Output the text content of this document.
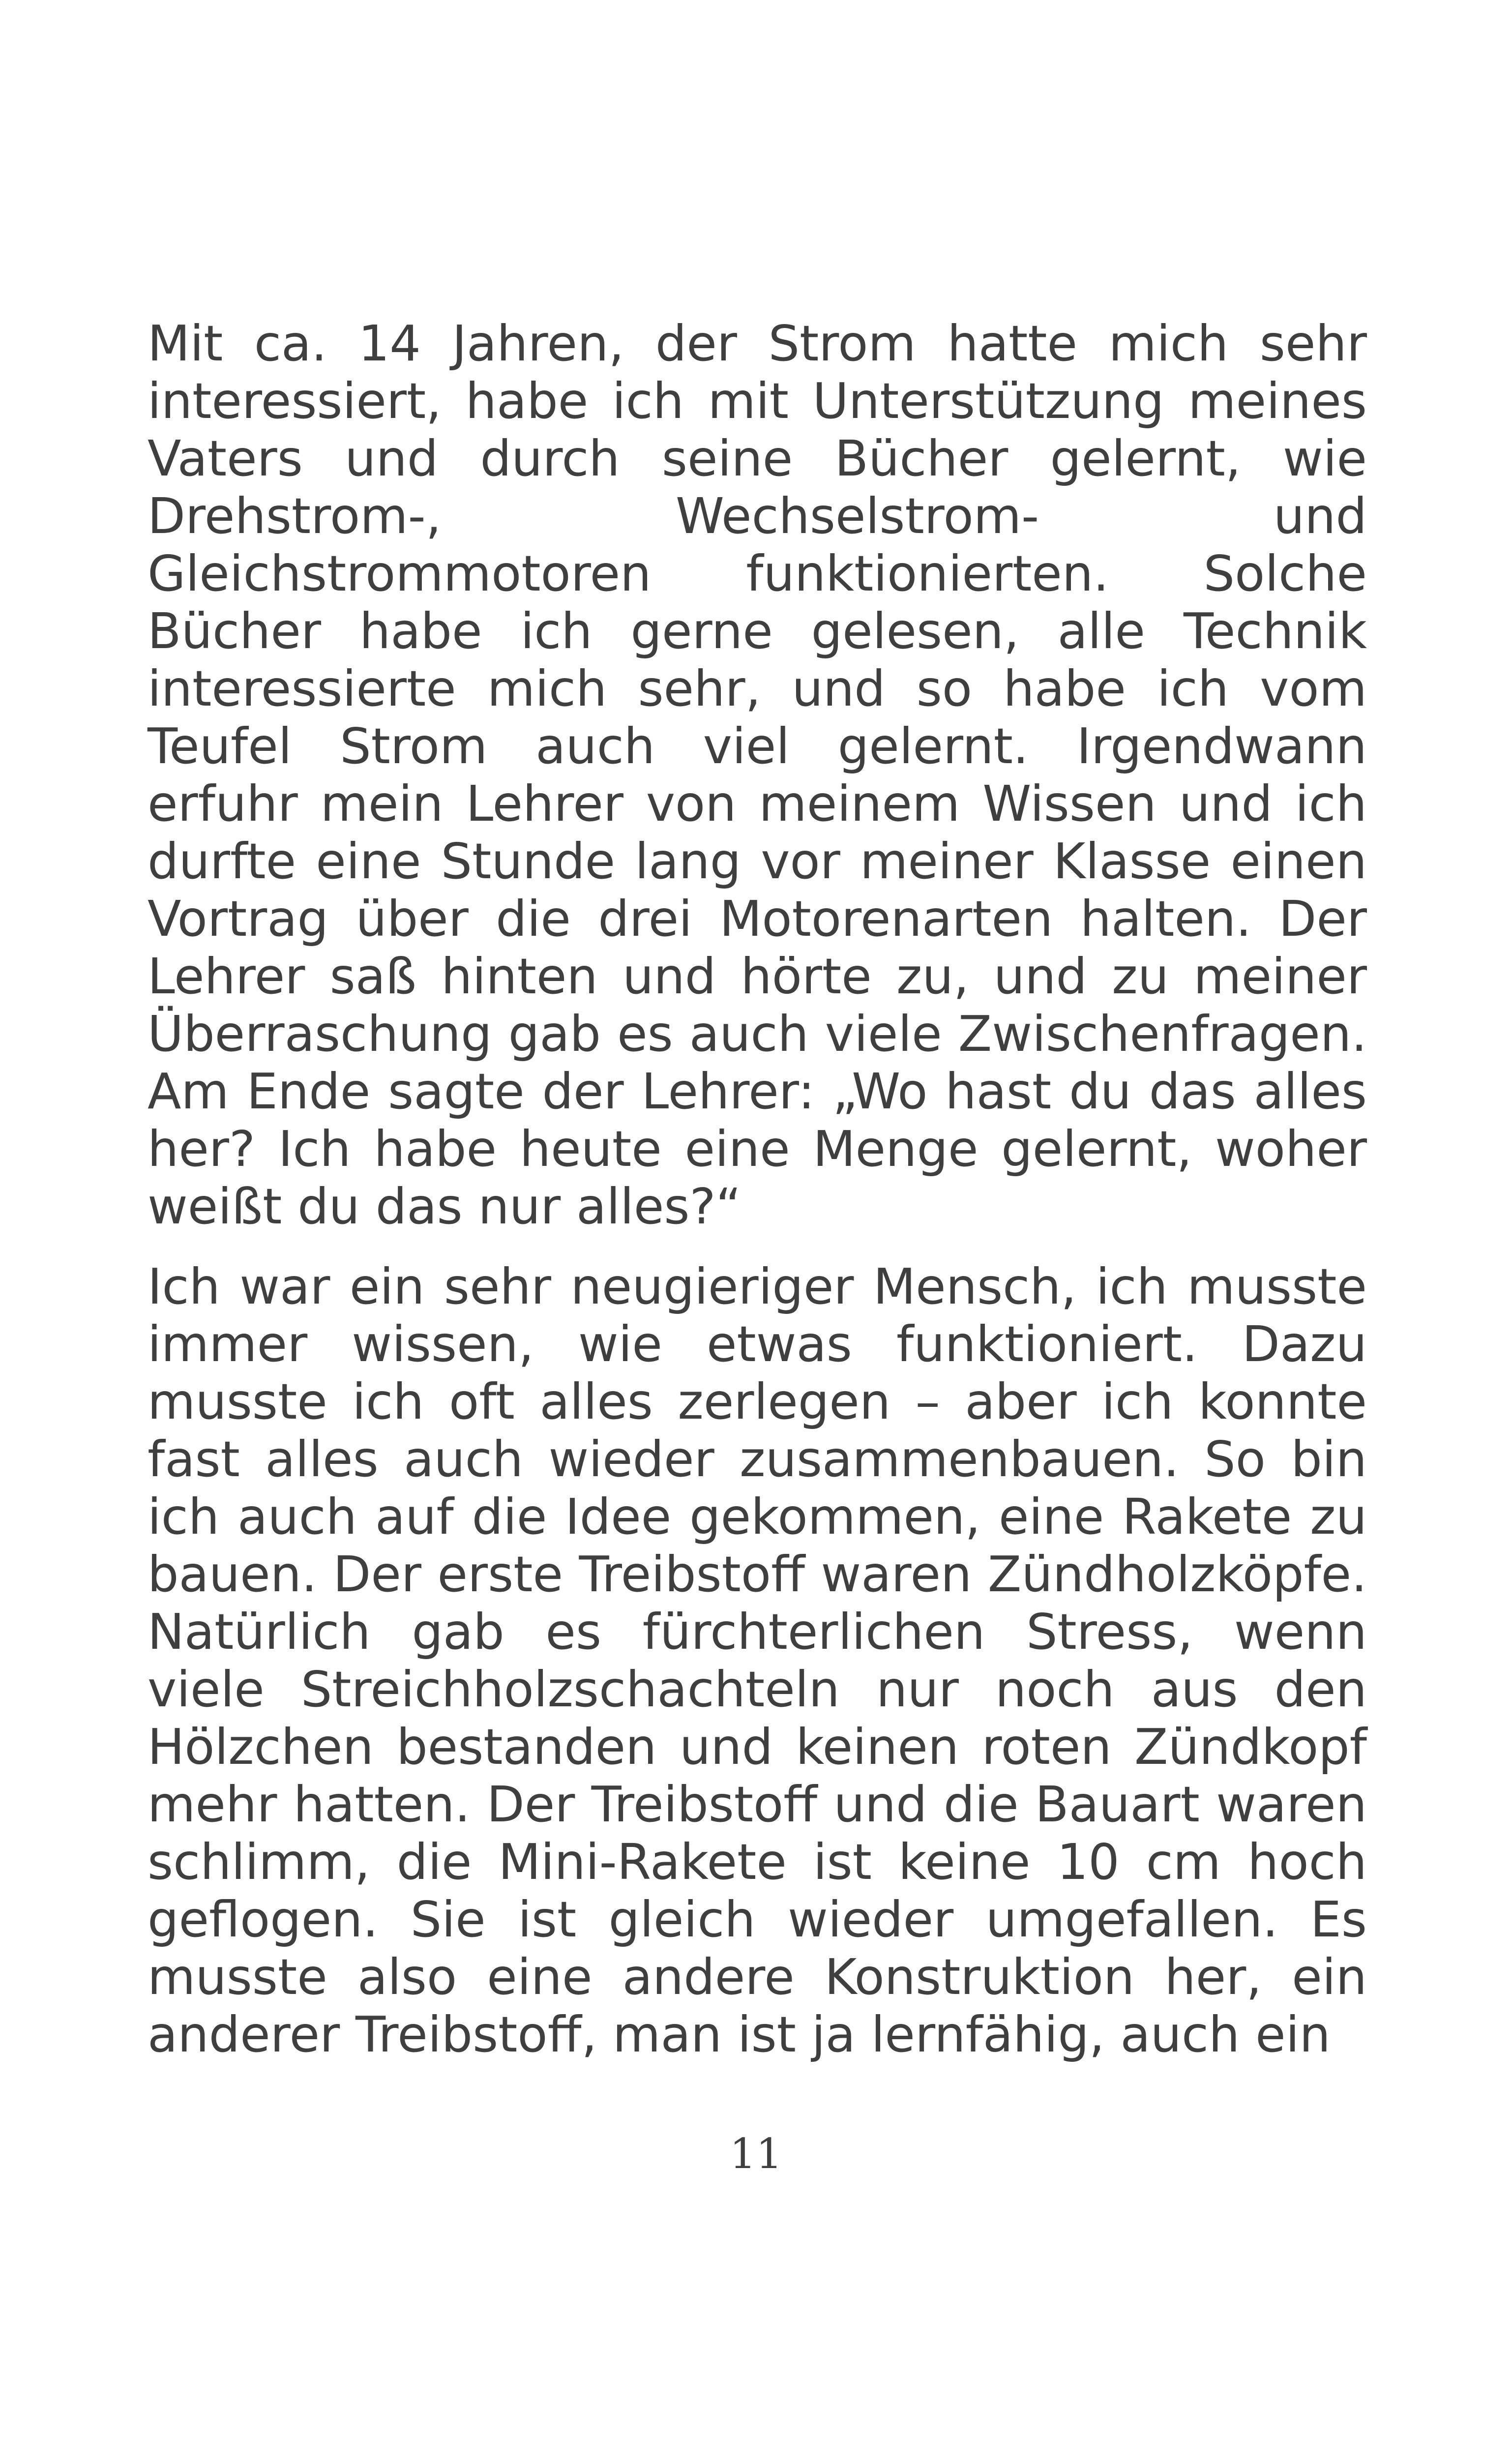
Mit ca. 14 Jahren, der Strom hatte mich sehr interessiert, habe ich mit Unterstützung meines Vaters und durch seine Bücher gelernt, wie Drehstrom-, Wechselstrom- und Gleichstrommotoren funktionierten. Solche Bücher habe ich gerne gelesen, alle Technik interessierte mich sehr, und so habe ich vom Teufel Strom auch viel gelernt. Irgendwann erfuhr mein Lehrer von meinem Wissen und ich durfte eine Stunde lang vor meiner Klasse einen Vortrag über die drei Motorenarten halten. Der Lehrer saß hinten und hörte zu, und zu meiner Überraschung gab es auch viele Zwischenfragen. Am Ende sagte der Lehrer: „Wo hast du das alles her? Ich habe heute eine Menge gelernt, woher weißt du das nur alles?“

Ich war ein sehr neugieriger Mensch, ich musste immer wissen, wie etwas funktioniert. Dazu musste ich oft alles zerlegen – aber ich konnte fast alles auch wieder zusammenbauen. So bin ich auch auf die Idee gekommen, eine Rakete zu bauen. Der erste Treibstoff waren Zündholzköpfe. Natürlich gab es fürchterlichen Stress, wenn viele Streichholzschachteln nur noch aus den Hölzchen bestanden und keinen roten Zündkopf mehr hatten. Der Treibstoff und die Bauart waren schlimm, die Mini-Rakete ist keine 10 cm hoch geflogen. Sie ist gleich wieder umgefallen. Es musste also eine andere Konstruktion her, ein anderer Treibstoff, man ist ja lernfähig, auch ein

11
